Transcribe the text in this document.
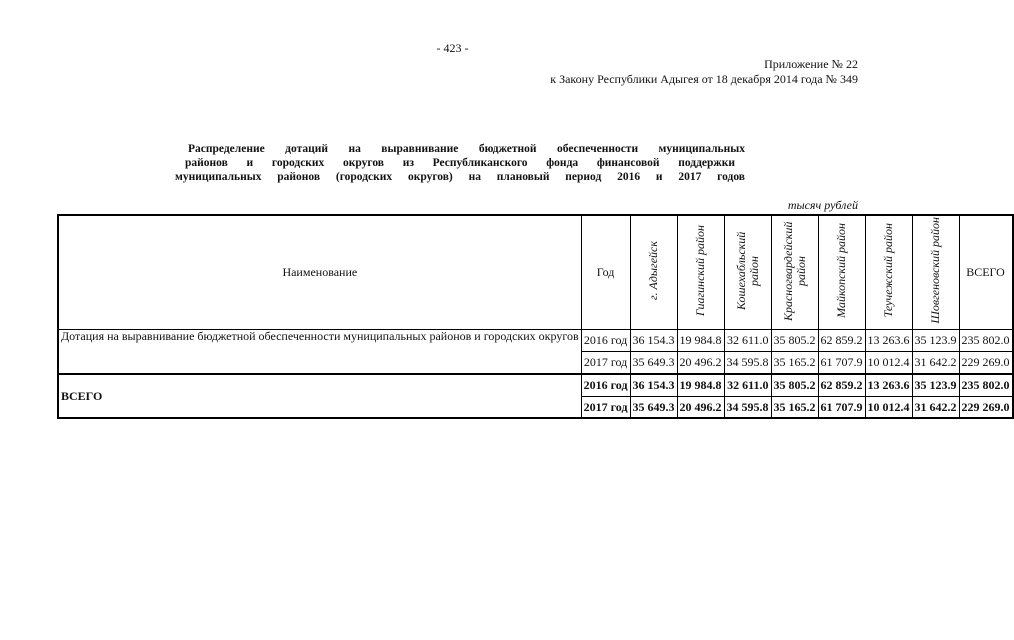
- 423 -
Приложение № 22
к Закону Республики Адыгея от 18 декабря 2014 года № 349
Распределение дотаций на выравнивание бюджетной обеспеченности муниципальных
районов и городских округов из Республиканского фонда финансовой поддержки
муниципальных районов (городских округов) на плановый период 2016 и 2017 годов
тысяч рублей
Наименование	Год	г. Адыгейск	Гиагинский район	Кошехабльский район	Красногвардейский район	Майкопский район	Теучежский район	Шовгеновский район	ВСЕГО
Дотация на выравнивание бюджетной обеспеченности муниципальных районов и городских округов	2016 год	36 154.3	19 984.8	32 611.0	35 805.2	62 859.2	13 263.6	35 123.9	235 802.0
	2017 год	35 649.3	20 496.2	34 595.8	35 165.2	61 707.9	10 012.4	31 642.2	229 269.0
ВСЕГО	2016 год	36 154.3	19 984.8	32 611.0	35 805.2	62 859.2	13 263.6	35 123.9	235 802.0
	2017 год	35 649.3	20 496.2	34 595.8	35 165.2	61 707.9	10 012.4	31 642.2	229 269.0
